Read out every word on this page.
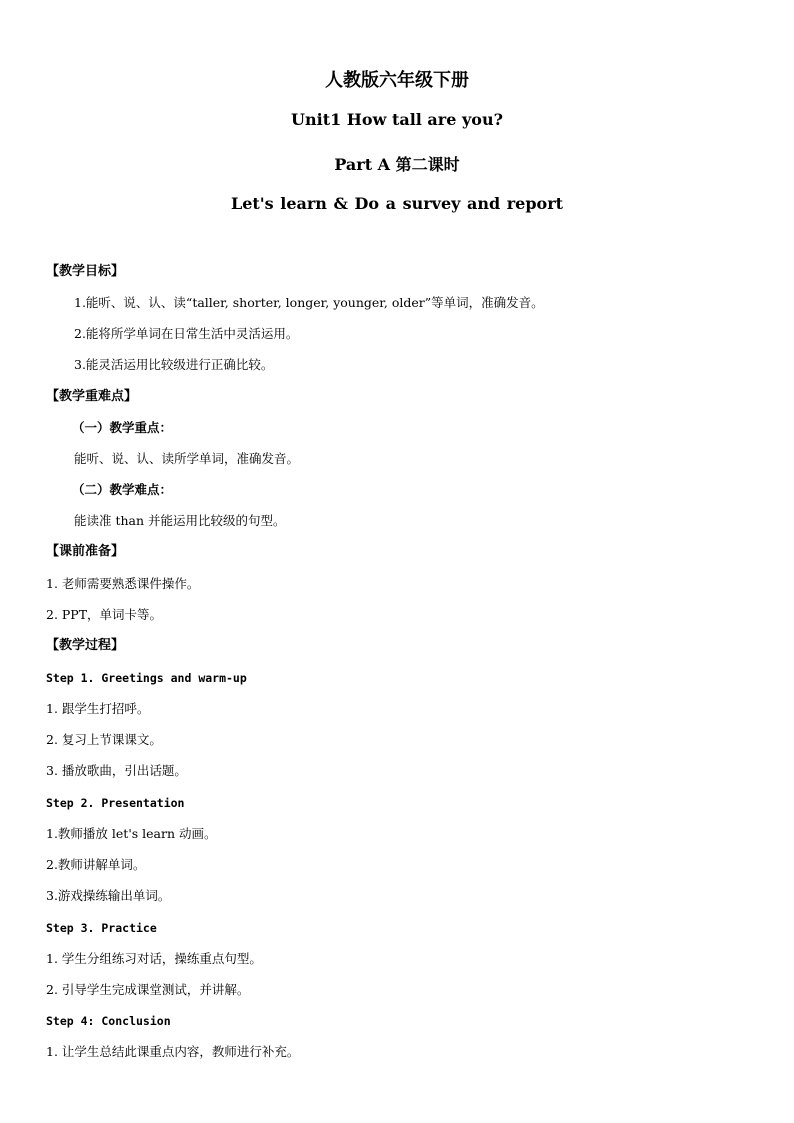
人教版六年级下册
Unit1 How tall are you?
Part A 第二课时
Let's learn & Do a survey and report
【教学目标】
1.能听、说、认、读“taller, shorter, longer, younger, older”等单词，准确发音。
2.能将所学单词在日常生活中灵活运用。
3.能灵活运用比较级进行正确比较。
【教学重难点】
（一）教学重点：
能听、说、认、读所学单词，准确发音。
（二）教学难点：
能读准 than 并能运用比较级的句型。
【课前准备】
1. 老师需要熟悉课件操作。
2. PPT，单词卡等。
【教学过程】
Step 1. Greetings and warm-up
1. 跟学生打招呼。
2. 复习上节课课文。
3. 播放歌曲，引出话题。
Step 2. Presentation
1.教师播放 let's learn 动画。
2.教师讲解单词。
3.游戏操练输出单词。
Step 3. Practice
1. 学生分组练习对话，操练重点句型。
2. 引导学生完成课堂测试，并讲解。
Step 4: Conclusion
1. 让学生总结此课重点内容，教师进行补充。
